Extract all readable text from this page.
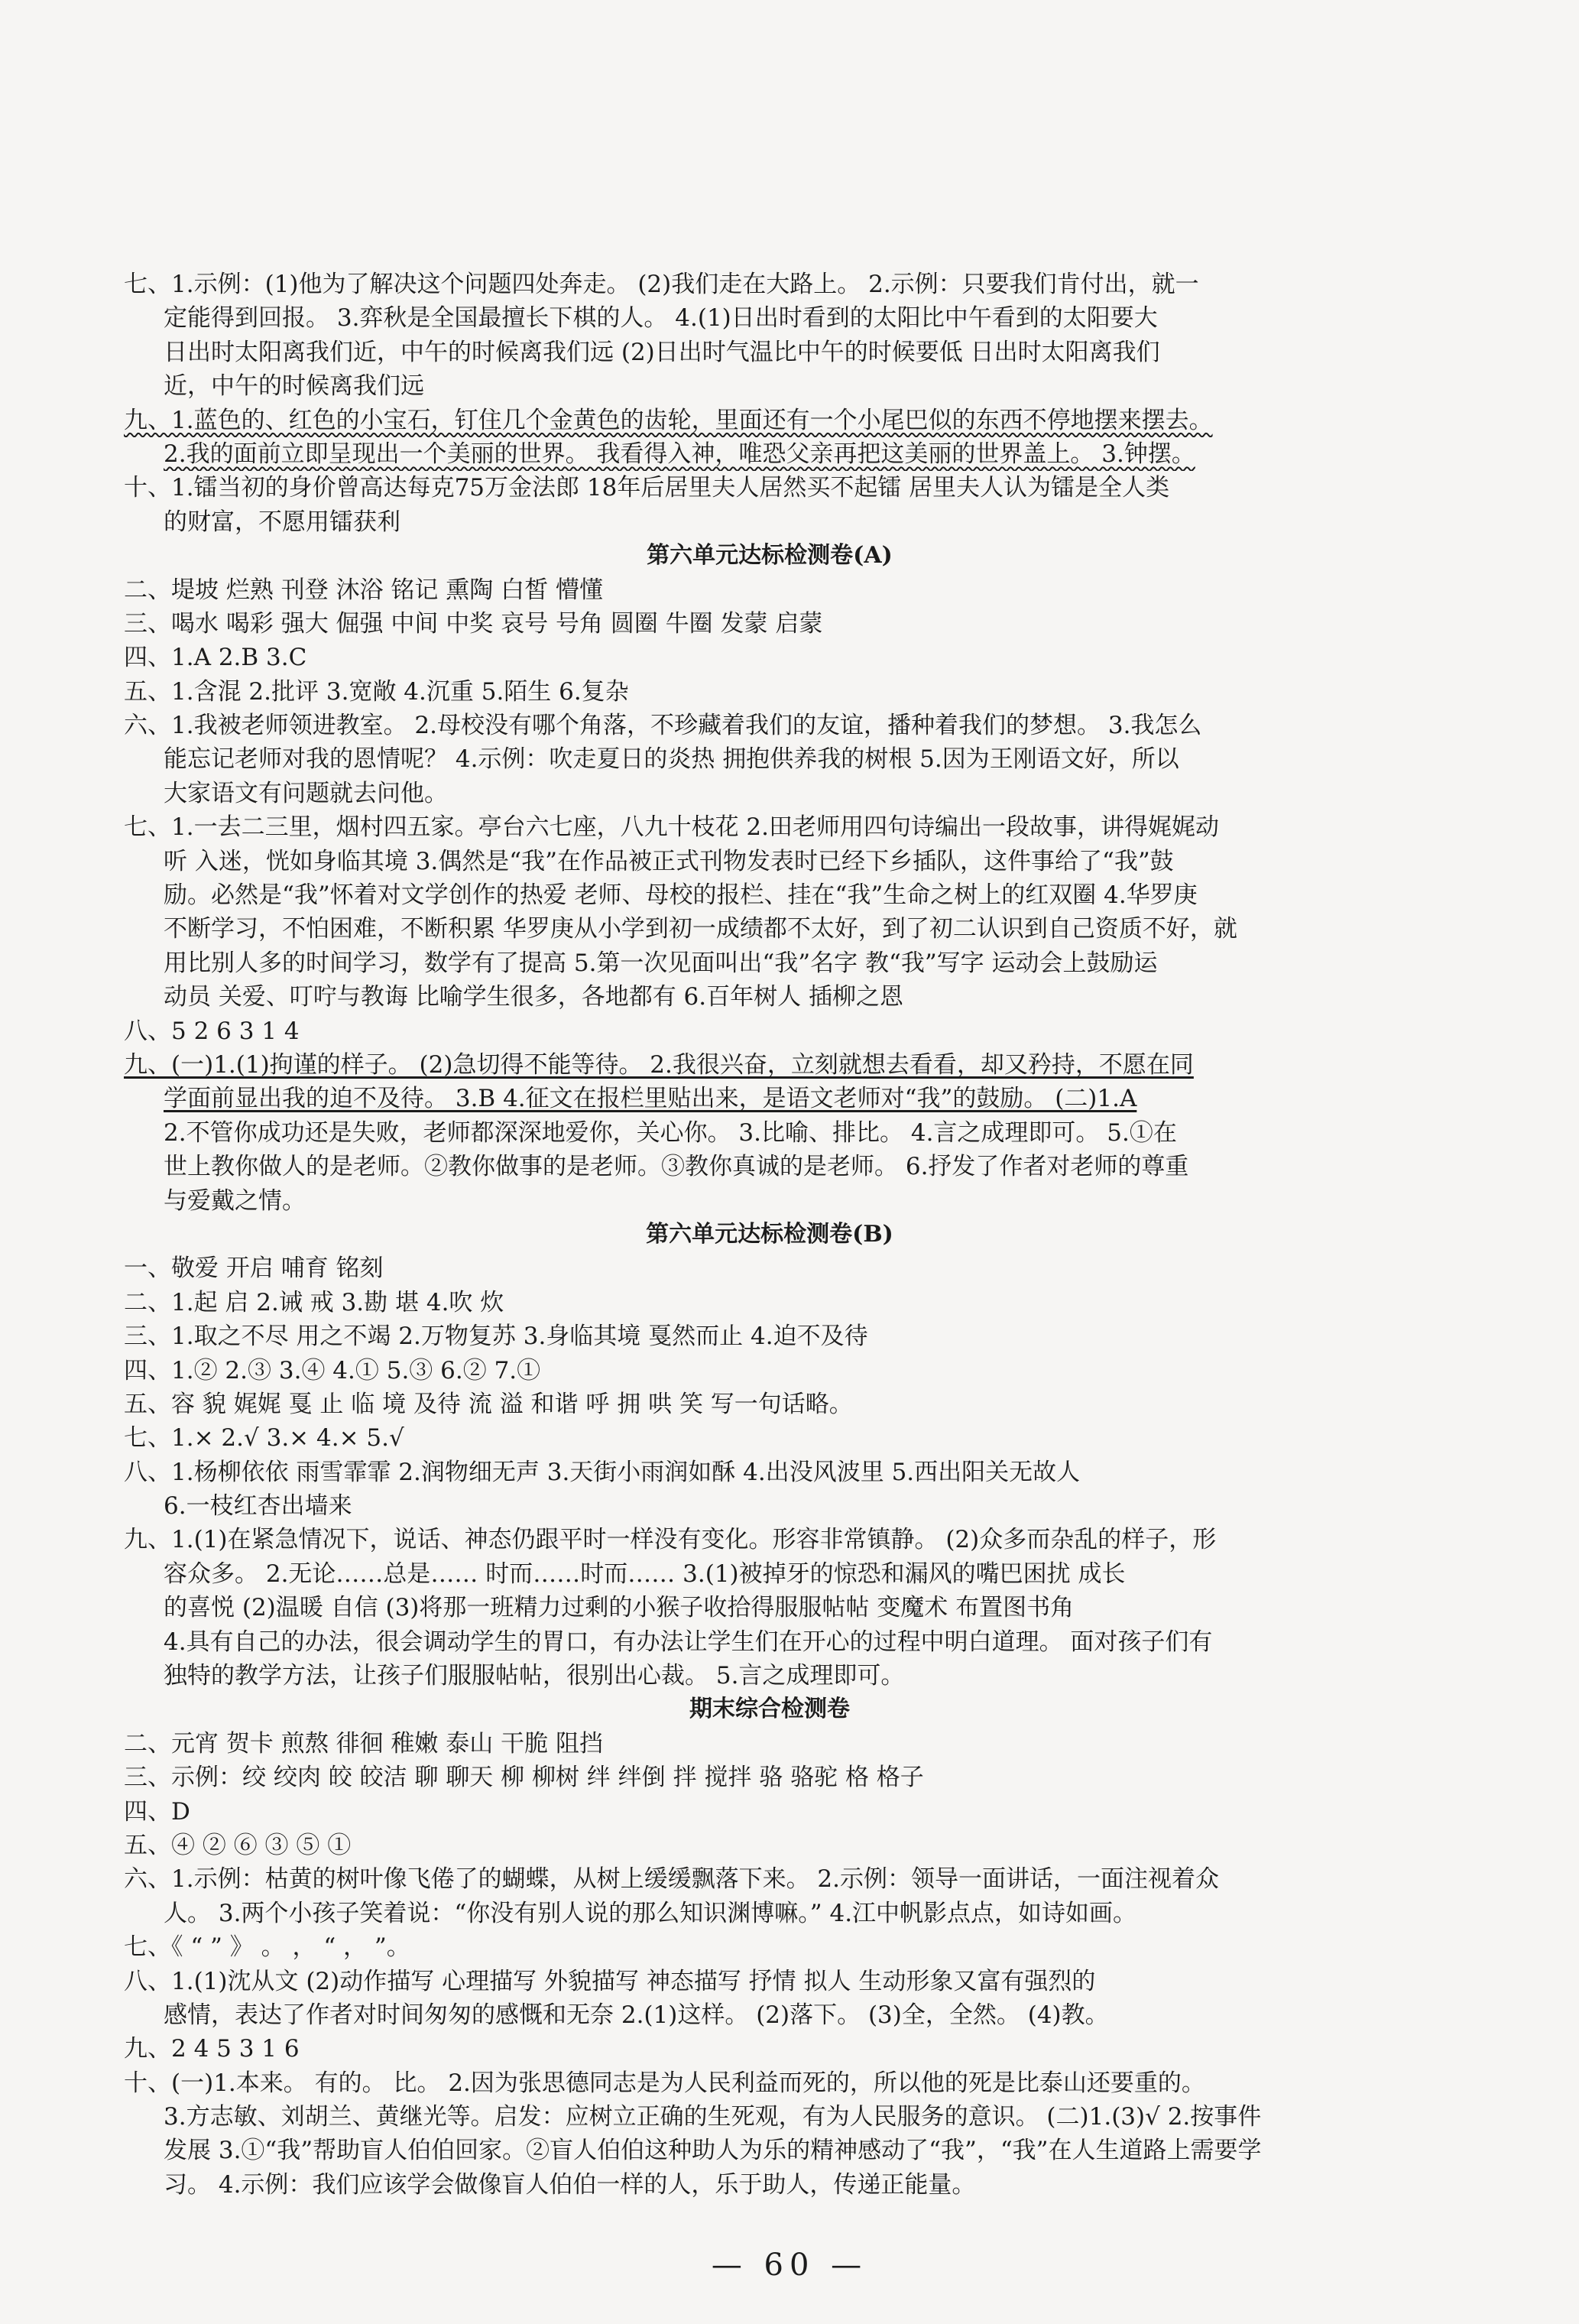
七、1.示例：(1)他为了解决这个问题四处奔走。 (2)我们走在大路上。 2.示例：只要我们肯付出，就一
定能得到回报。 3.弈秋是全国最擅长下棋的人。 4.(1)日出时看到的太阳比中午看到的太阳要大
日出时太阳离我们近，中午的时候离我们远 (2)日出时气温比中午的时候要低 日出时太阳离我们
近，中午的时候离我们远
九、1.蓝色的、红色的小宝石，钉住几个金黄色的齿轮，里面还有一个小尾巴似的东西不停地摆来摆去。
2.我的面前立即呈现出一个美丽的世界。 我看得入神，唯恐父亲再把这美丽的世界盖上。 3.钟摆。
十、1.镭当初的身价曾高达每克75万金法郎 18年后居里夫人居然买不起镭 居里夫人认为镭是全人类
的财富，不愿用镭获利
第六单元达标检测卷(A)
二、堤坡 烂熟 刊登 沐浴 铭记 熏陶 白皙 懵懂
三、喝水 喝彩 强大 倔强 中间 中奖 哀号 号角 圆圈 牛圈 发蒙 启蒙
四、1.A 2.B 3.C
五、1.含混 2.批评 3.宽敞 4.沉重 5.陌生 6.复杂
六、1.我被老师领进教室。 2.母校没有哪个角落，不珍藏着我们的友谊，播种着我们的梦想。 3.我怎么
能忘记老师对我的恩情呢？ 4.示例：吹走夏日的炎热 拥抱供养我的树根 5.因为王刚语文好，所以
大家语文有问题就去问他。
七、1.一去二三里，烟村四五家。亭台六七座，八九十枝花 2.田老师用四句诗编出一段故事，讲得娓娓动
听 入迷，恍如身临其境 3.偶然是“我”在作品被正式刊物发表时已经下乡插队，这件事给了“我”鼓
励。必然是“我”怀着对文学创作的热爱 老师、母校的报栏、挂在“我”生命之树上的红双圈 4.华罗庚
不断学习，不怕困难，不断积累 华罗庚从小学到初一成绩都不太好，到了初二认识到自己资质不好，就
用比别人多的时间学习，数学有了提高 5.第一次见面叫出“我”名字 教“我”写字 运动会上鼓励运
动员 关爱、叮咛与教诲 比喻学生很多，各地都有 6.百年树人 插柳之恩
八、5 2 6 3 1 4
九、(一)1.(1)拘谨的样子。 (2)急切得不能等待。 2.我很兴奋，立刻就想去看看，却又矜持，不愿在同
学面前显出我的迫不及待。 3.B 4.征文在报栏里贴出来，是语文老师对“我”的鼓励。 (二)1.A
2.不管你成功还是失败，老师都深深地爱你，关心你。 3.比喻、排比。 4.言之成理即可。 5.①在
世上教你做人的是老师。②教你做事的是老师。③教你真诚的是老师。 6.抒发了作者对老师的尊重
与爱戴之情。
第六单元达标检测卷(B)
一、敬爱 开启 哺育 铭刻
二、1.起 启 2.诫 戒 3.勘 堪 4.吹 炊
三、1.取之不尽 用之不竭 2.万物复苏 3.身临其境 戛然而止 4.迫不及待
四、1.② 2.③ 3.④ 4.① 5.③ 6.② 7.①
五、容 貌 娓娓 戛 止 临 境 及待 流 溢 和谐 呼 拥 哄 笑 写一句话略。
七、1.× 2.√ 3.× 4.× 5.√
八、1.杨柳依依 雨雪霏霏 2.润物细无声 3.天街小雨润如酥 4.出没风波里 5.西出阳关无故人
6.一枝红杏出墙来
九、1.(1)在紧急情况下，说话、神态仍跟平时一样没有变化。形容非常镇静。 (2)众多而杂乱的样子，形
容众多。 2.无论……总是…… 时而……时而…… 3.(1)被掉牙的惊恐和漏风的嘴巴困扰 成长
的喜悦 (2)温暖 自信 (3)将那一班精力过剩的小猴子收拾得服服帖帖 变魔术 布置图书角
4.具有自己的办法，很会调动学生的胃口，有办法让学生们在开心的过程中明白道理。 面对孩子们有
独特的教学方法，让孩子们服服帖帖，很别出心裁。 5.言之成理即可。
期末综合检测卷
二、元宵 贺卡 煎熬 徘徊 稚嫩 泰山 干脆 阻挡
三、示例：绞 绞肉 皎 皎洁 聊 聊天 柳 柳树 绊 绊倒 拌 搅拌 骆 骆驼 格 格子
四、D
五、④ ② ⑥ ③ ⑤ ①
六、1.示例：枯黄的树叶像飞倦了的蝴蝶，从树上缓缓飘落下来。 2.示例：领导一面讲话，一面注视着众
人。 3.两个小孩子笑着说：“你没有别人说的那么知识渊博嘛。” 4.江中帆影点点，如诗如画。
七、《 “ ” 》 。 ， “ ， ”。
八、1.(1)沈从文 (2)动作描写 心理描写 外貌描写 神态描写 抒情 拟人 生动形象又富有强烈的
感情，表达了作者对时间匆匆的感慨和无奈 2.(1)这样。 (2)落下。 (3)全，全然。 (4)教。
九、2 4 5 3 1 6
十、(一)1.本来。 有的。 比。 2.因为张思德同志是为人民利益而死的，所以他的死是比泰山还要重的。
3.方志敏、刘胡兰、黄继光等。启发：应树立正确的生死观，有为人民服务的意识。 (二)1.(3)√ 2.按事件
发展 3.①“我”帮助盲人伯伯回家。②盲人伯伯这种助人为乐的精神感动了“我”，“我”在人生道路上需要学
习。 4.示例：我们应该学会做像盲人伯伯一样的人，乐于助人，传递正能量。
— 60 —
